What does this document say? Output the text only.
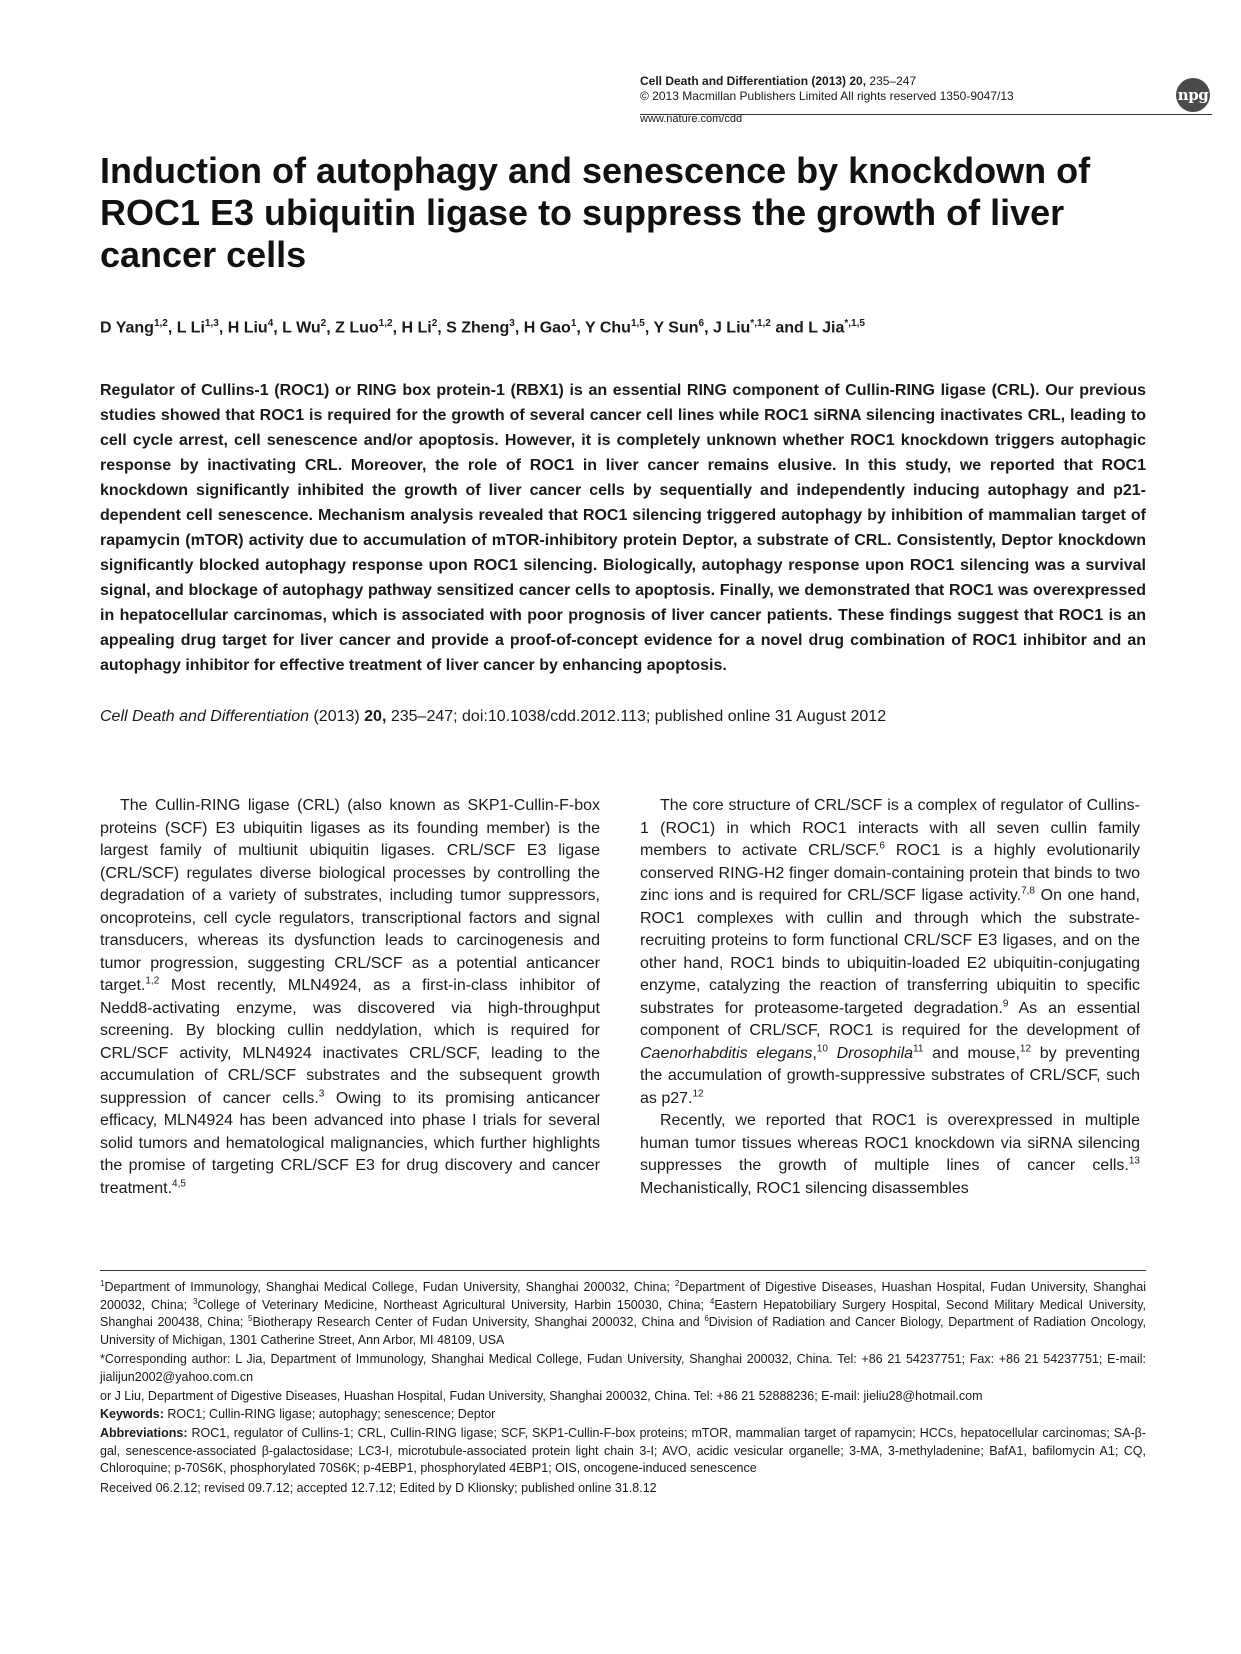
Cell Death and Differentiation (2013) 20, 235–247
© 2013 Macmillan Publishers Limited All rights reserved 1350-9047/13
www.nature.com/cdd
npg
Induction of autophagy and senescence by knockdown of ROC1 E3 ubiquitin ligase to suppress the growth of liver cancer cells
D Yang$^{1,2}$, L Li$^{1,3}$, H Liu$^4$, L Wu$^2$, Z Luo$^{1,2}$, H Li$^2$, S Zheng$^3$, H Gao$^1$, Y Chu$^{1,5}$, Y Sun$^6$, J Liu$^{*,1,2}$ and L Jia$^{*,1,5}$

Regulator of Cullins-1 (ROC1) or RING box protein-1 (RBX1) is an essential RING component of Cullin-RING ligase (CRL). Our previous studies showed that ROC1 is required for the growth of several cancer cell lines while ROC1 siRNA silencing inactivates CRL, leading to cell cycle arrest, cell senescence and/or apoptosis. However, it is completely unknown whether ROC1 knockdown triggers autophagic response by inactivating CRL. Moreover, the role of ROC1 in liver cancer remains elusive. In this study, we reported that ROC1 knockdown significantly inhibited the growth of liver cancer cells by sequentially and independently inducing autophagy and p21-dependent cell senescence. Mechanism analysis revealed that ROC1 silencing triggered autophagy by inhibition of mammalian target of rapamycin (mTOR) activity due to accumulation of mTOR-inhibitory protein Deptor, a substrate of CRL. Consistently, Deptor knockdown significantly blocked autophagy response upon ROC1 silencing. Biologically, autophagy response upon ROC1 silencing was a survival signal, and blockage of autophagy pathway sensitized cancer cells to apoptosis. Finally, we demonstrated that ROC1 was overexpressed in hepatocellular carcinomas, which is associated with poor prognosis of liver cancer patients. These findings suggest that ROC1 is an appealing drug target for liver cancer and provide a proof-of-concept evidence for a novel drug combination of ROC1 inhibitor and an autophagy inhibitor for effective treatment of liver cancer by enhancing apoptosis.

Cell Death and Differentiation (2013) 20, 235–247; doi:10.1038/cdd.2012.113; published online 31 August 2012

The Cullin-RING ligase (CRL) (also known as SKP1-Cullin-F-box proteins (SCF) E3 ubiquitin ligases as its founding member) is the largest family of multiunit ubiquitin ligases. CRL/SCF E3 ligase (CRL/SCF) regulates diverse biological processes by controlling the degradation of a variety of substrates, including tumor suppressors, oncoproteins, cell cycle regulators, transcriptional factors and signal transducers, whereas its dysfunction leads to carcinogenesis and tumor progression, suggesting CRL/SCF as a potential anticancer target.$^{1,2}$ Most recently, MLN4924, as a first-in-class inhibitor of Nedd8-activating enzyme, was discovered via high-throughput screening. By blocking cullin neddylation, which is required for CRL/SCF activity, MLN4924 inactivates CRL/SCF, leading to the accumulation of CRL/SCF substrates and the subsequent growth suppression of cancer cells.$^3$ Owing to its promising anticancer efficacy, MLN4924 has been advanced into phase I trials for several solid tumors and hematological malignancies, which further highlights the promise of targeting CRL/SCF E3 for drug discovery and cancer treatment.$^{4,5}$

The core structure of CRL/SCF is a complex of regulator of Cullins-1 (ROC1) in which ROC1 interacts with all seven cullin family members to activate CRL/SCF.$^6$ ROC1 is a highly evolutionarily conserved RING-H2 finger domain-containing protein that binds to two zinc ions and is required for CRL/SCF ligase activity.$^{7,8}$ On one hand, ROC1 complexes with cullin and through which the substrate-recruiting proteins to form functional CRL/SCF E3 ligases, and on the other hand, ROC1 binds to ubiquitin-loaded E2 ubiquitin-conjugating enzyme, catalyzing the reaction of transferring ubiquitin to specific substrates for proteasome-targeted degradation.$^9$ As an essential component of CRL/SCF, ROC1 is required for the development of Caenorhabditis elegans,$^{10}$ Drosophila$^{11}$ and mouse,$^{12}$ by preventing the accumulation of growth-suppressive substrates of CRL/SCF, such as p27.12

Recently, we reported that ROC1 is overexpressed in multiple human tumor tissues whereas ROC1 knockdown via siRNA silencing suppresses the growth of multiple lines of cancer cells.$^{13}$ Mechanistically, ROC1 silencing disassembles

$^1$Department of Immunology, Shanghai Medical College, Fudan University, Shanghai 200032, China; $^2$Department of Digestive Diseases, Huashan Hospital, Fudan University, Shanghai 200032, China; $^3$College of Veterinary Medicine, Northeast Agricultural University, Harbin 150030, China; $^4$Eastern Hepatobiliary Surgery Hospital, Second Military Medical University, Shanghai 200438, China; $^5$Biotherapy Research Center of Fudan University, Shanghai 200032, China and $^6$Division of Radiation and Cancer Biology, Department of Radiation Oncology, University of Michigan, 1301 Catherine Street, Ann Arbor, MI 48109, USA

*Corresponding author: L Jia, Department of Immunology, Shanghai Medical College, Fudan University, Shanghai 200032, China. Tel: +86 21 54237751; Fax: +86 21 54237751; E-mail: jialijun2002@yahoo.com.cn

or J Liu, Department of Digestive Diseases, Huashan Hospital, Fudan University, Shanghai 200032, China. Tel: +86 21 52888236; E-mail: jieliu28@hotmail.com

Keywords: ROC1; Cullin-RING ligase; autophagy; senescence; Deptor

Abbreviations: ROC1, regulator of Cullins-1; CRL, Cullin-RING ligase; SCF, SKP1-Cullin-F-box proteins; mTOR, mammalian target of rapamycin; HCCs, hepatocellular carcinomas; SA-β-gal, senescence-associated β-galactosidase; LC3-I, microtubule-associated protein light chain 3-I; AVO, acidic vesicular organelle; 3-MA, 3-methyladenine; BafA1, bafilomycin A1; CQ, Chloroquine; p-70S6K, phosphorylated 70S6K; p-4EBP1, phosphorylated 4EBP1; OIS, oncogene-induced senescence

Received 06.2.12; revised 09.7.12; accepted 12.7.12; Edited by D Klionsky; published online 31.8.12
